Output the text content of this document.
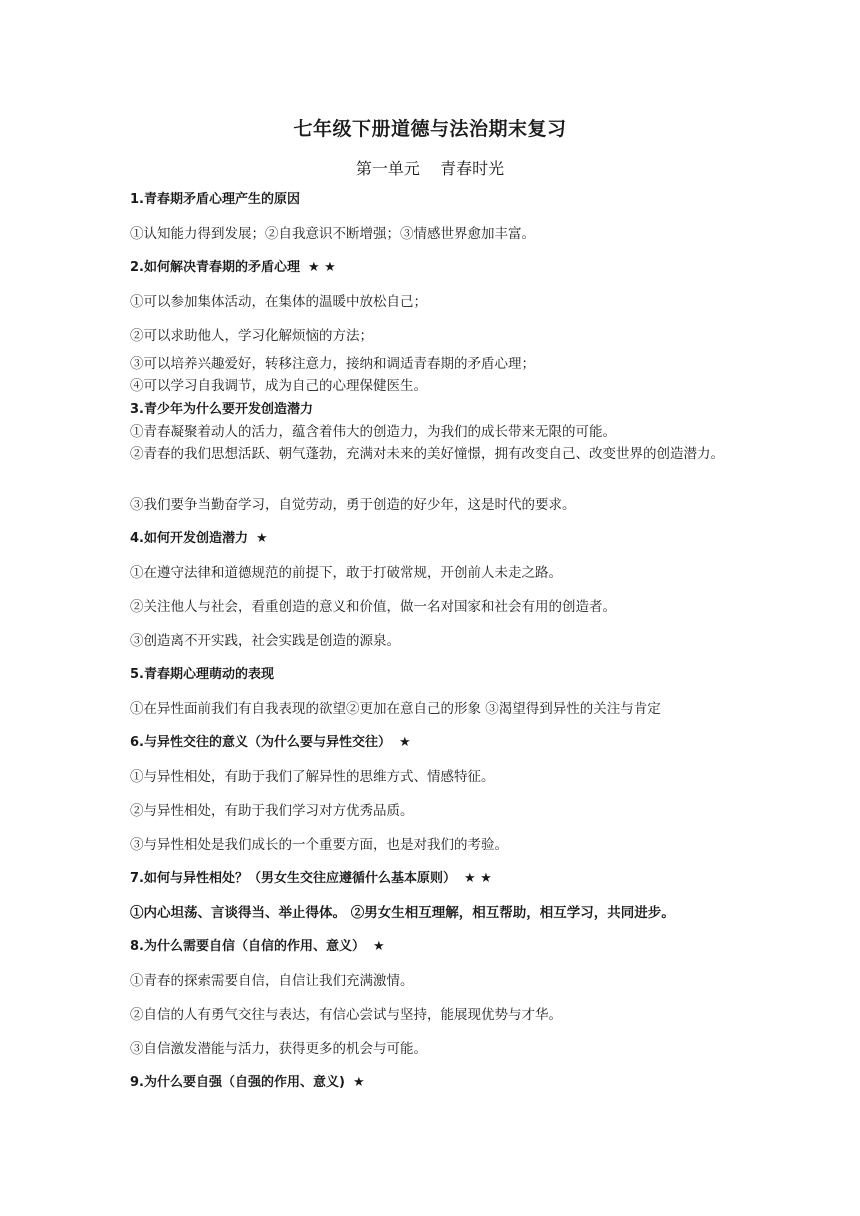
七年级下册道德与法治期末复习
第一单元    青春时光
1.青春期矛盾心理产生的原因
①认知能力得到发展；②自我意识不断增强；③情感世界愈加丰富。
2.如何解决青春期的矛盾心理 ★ ★
①可以参加集体活动，在集体的温暖中放松自己；
②可以求助他人，学习化解烦恼的方法；
③可以培养兴趣爱好，转移注意力，接纳和调适青春期的矛盾心理；
④可以学习自我调节，成为自己的心理保健医生。
3.青少年为什么要开发创造潜力
①青春凝聚着动人的活力，蕴含着伟大的创造力，为我们的成长带来无限的可能。
②青春的我们思想活跃、朝气蓬勃，充满对未来的美好憧憬，拥有改变自己、改变世界的创造潜力。
③我们要争当勤奋学习，自觉劳动，勇于创造的好少年，这是时代的要求。
4.如何开发创造潜力 ★
①在遵守法律和道德规范的前提下，敢于打破常规，开创前人未走之路。
②关注他人与社会，看重创造的意义和价值，做一名对国家和社会有用的创造者。
③创造离不开实践，社会实践是创造的源泉。
5.青春期心理萌动的表现
①在异性面前我们有自我表现的欲望②更加在意自己的形象 ③渴望得到异性的关注与肯定
6.与异性交往的意义（为什么要与异性交往） ★
①与异性相处，有助于我们了解异性的思维方式、情感特征。
②与异性相处，有助于我们学习对方优秀品质。
③与异性相处是我们成长的一个重要方面，也是对我们的考验。
7.如何与异性相处？（男女生交往应遵循什么基本原则） ★ ★
①内心坦荡、言谈得当、举止得体。 ②男女生相互理解，相互帮助，相互学习，共同进步。
8.为什么需要自信（自信的作用、意义） ★
①青春的探索需要自信，自信让我们充满激情。
②自信的人有勇气交往与表达，有信心尝试与坚持，能展现优势与才华。
③自信激发潜能与活力，获得更多的机会与可能。
9.为什么要自强（自强的作用、意义) ★
